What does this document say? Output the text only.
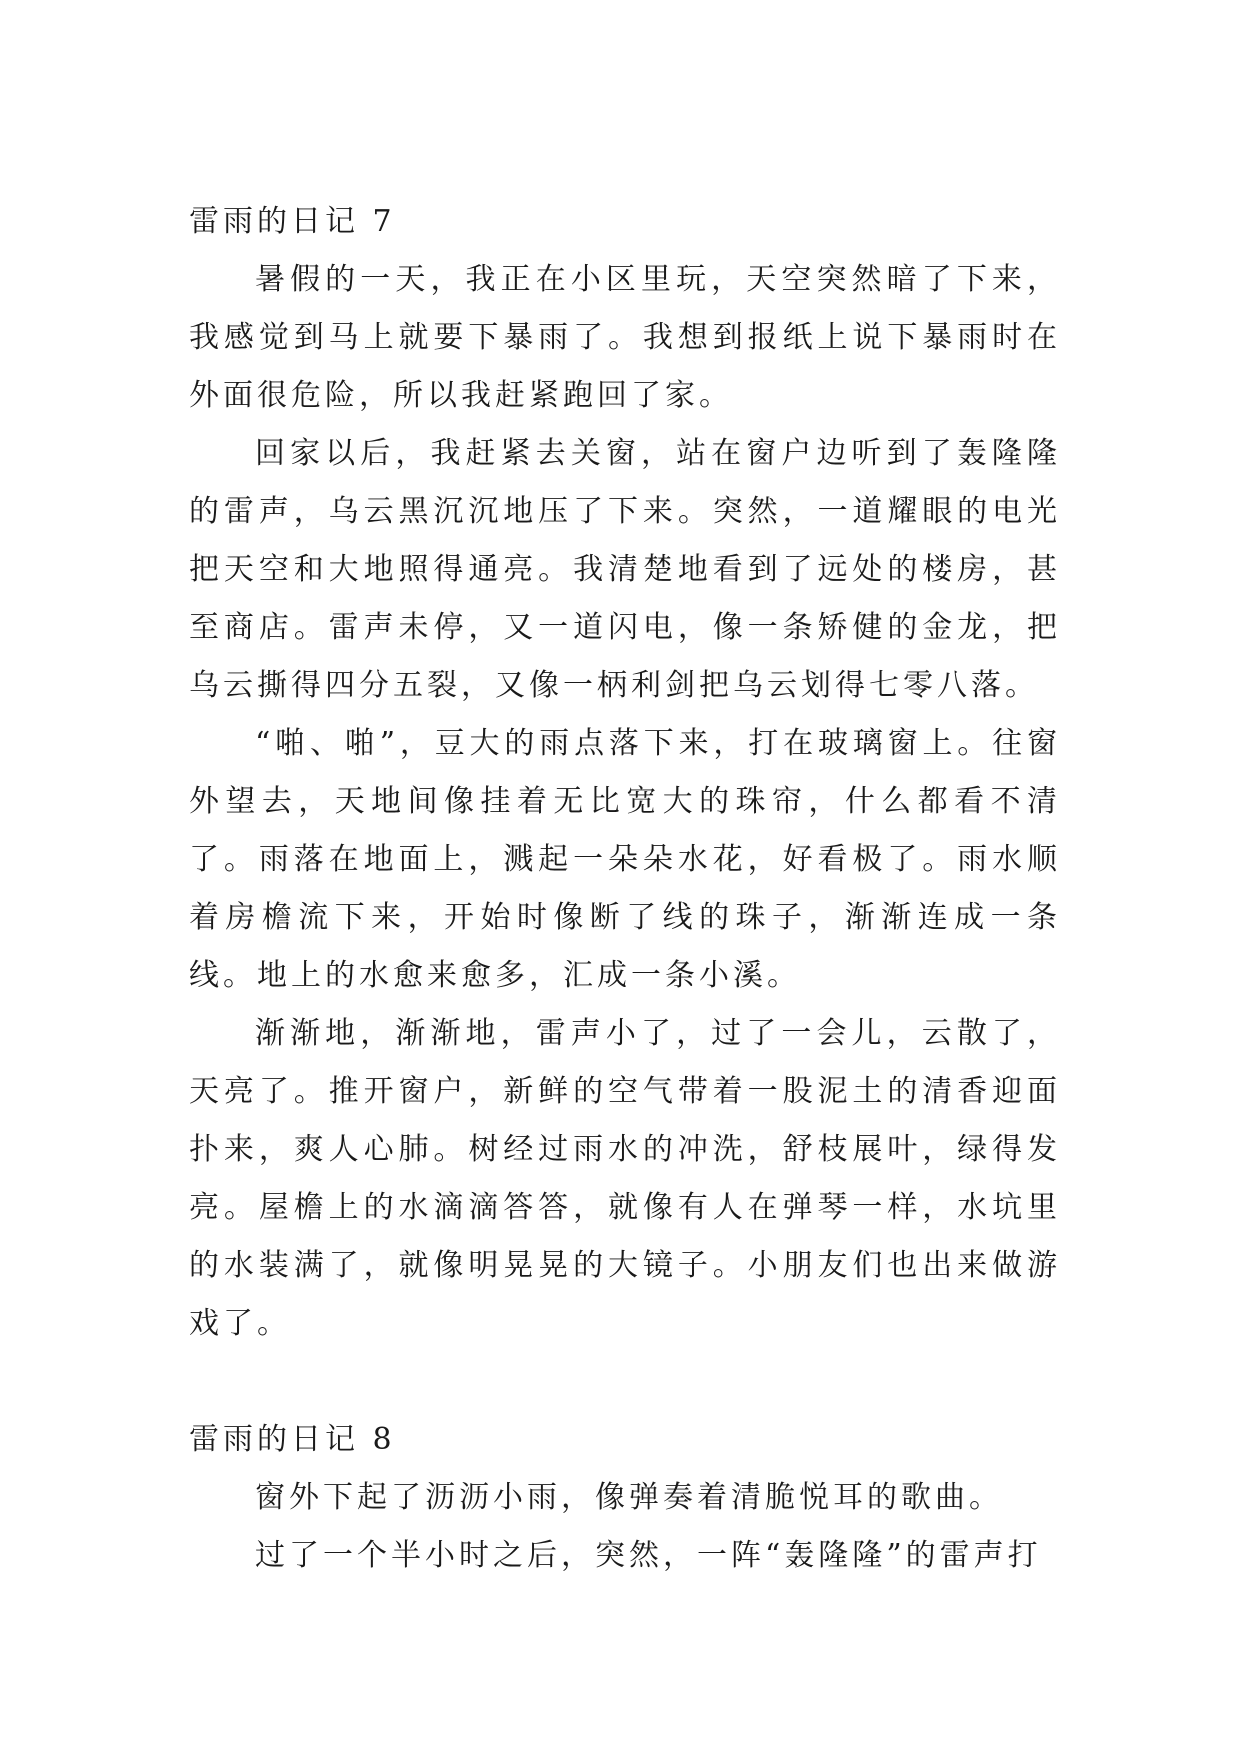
雷雨的日记 7

暑假的一天，我正在小区里玩，天空突然暗了下来，我感觉到马上就要下暴雨了。我想到报纸上说下暴雨时在外面很危险，所以我赶紧跑回了家。

回家以后，我赶紧去关窗，站在窗户边听到了轰隆隆的雷声，乌云黑沉沉地压了下来。突然，一道耀眼的电光把天空和大地照得通亮。我清楚地看到了远处的楼房，甚至商店。雷声未停，又一道闪电，像一条矫健的金龙，把乌云撕得四分五裂，又像一柄利剑把乌云划得七零八落。

“啪、啪”，豆大的雨点落下来，打在玻璃窗上。往窗外望去，天地间像挂着无比宽大的珠帘，什么都看不清了。雨落在地面上，溅起一朵朵水花，好看极了。雨水顺着房檐流下来，开始时像断了线的珠子，渐渐连成一条线。地上的水愈来愈多，汇成一条小溪。

渐渐地，渐渐地，雷声小了，过了一会儿，云散了，天亮了。推开窗户，新鲜的空气带着一股泥土的清香迎面扑来，爽人心肺。树经过雨水的冲洗，舒枝展叶，绿得发亮。屋檐上的水滴滴答答，就像有人在弹琴一样，水坑里的水装满了，就像明晃晃的大镜子。小朋友们也出来做游戏了。

雷雨的日记 8

窗外下起了沥沥小雨，像弹奏着清脆悦耳的歌曲。

过了一个半小时之后，突然，一阵“轰隆隆”的雷声打
